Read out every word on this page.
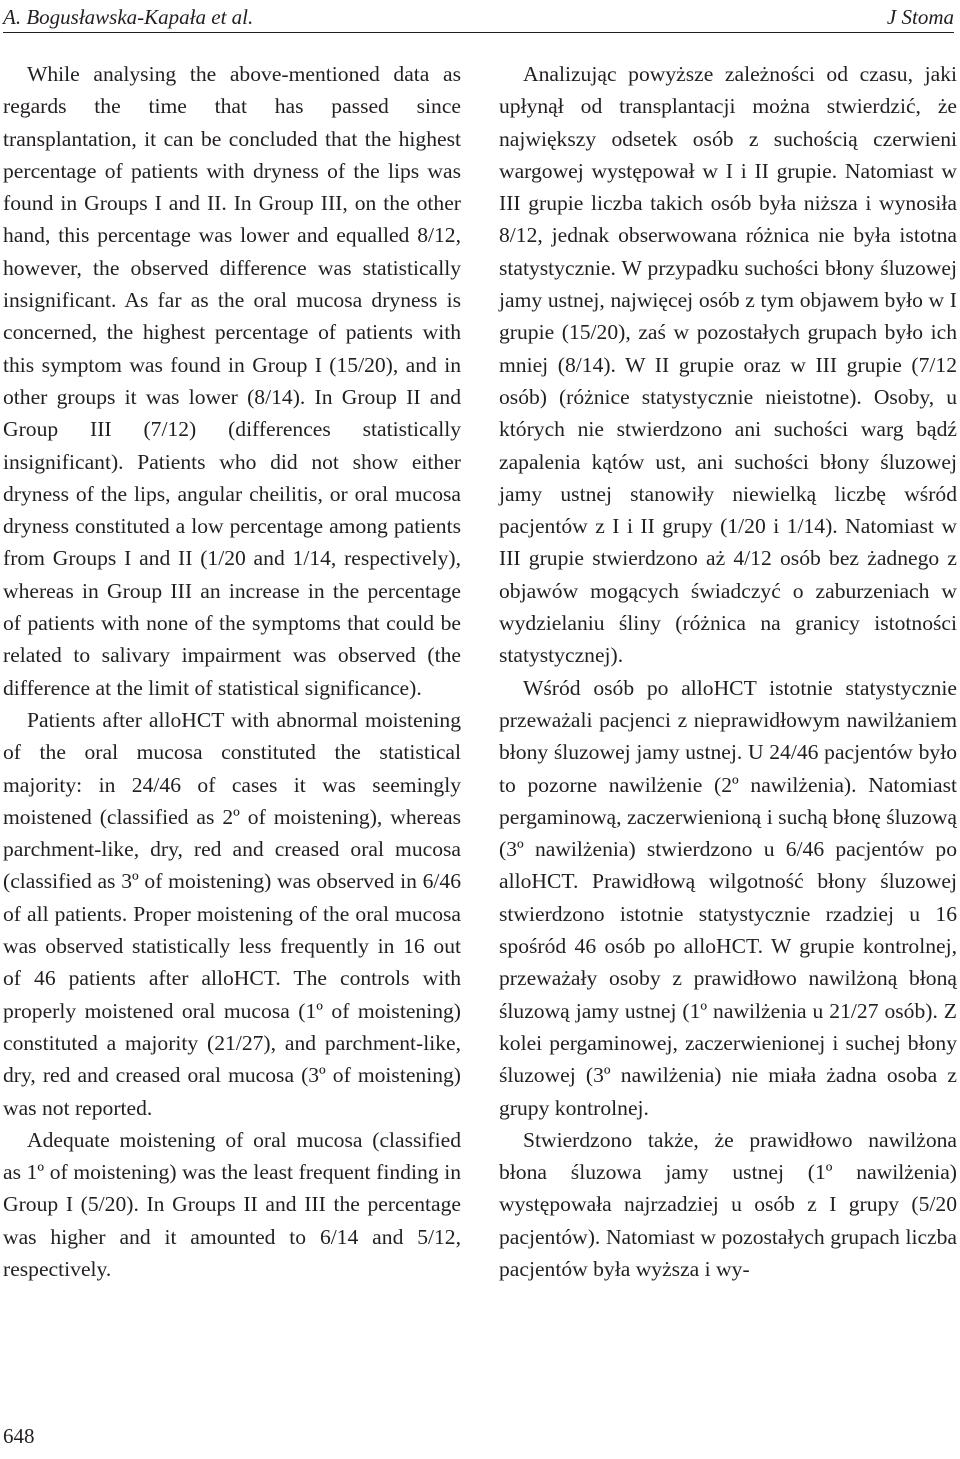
A. Bogusławska-Kapała et al.	J Stoma

While analysing the above-mentioned data as regards the time that has passed since transplantation, it can be concluded that the highest percentage of patients with dryness of the lips was found in Groups I and II. In Group III, on the other hand, this percentage was lower and equalled 8/12, however, the observed difference was statistically insignificant. As far as the oral mucosa dryness is concerned, the highest percentage of patients with this symptom was found in Group I (15/20), and in other groups it was lower (8/14). In Group II and Group III (7/12) (differences statistically insignificant). Patients who did not show either dryness of the lips, angular cheilitis, or oral mucosa dryness constituted a low percentage among patients from Groups I and II (1/20 and 1/14, respectively), whereas in Group III an increase in the percentage of patients with none of the symptoms that could be related to salivary impairment was observed (the difference at the limit of statistical significance).

Patients after alloHCT with abnormal moistening of the oral mucosa constituted the statistical majority: in 24/46 of cases it was seemingly moistened (classified as 2º of moistening), whereas parchment-like, dry, red and creased oral mucosa (classified as 3º of moistening) was observed in 6/46 of all patients. Proper moistening of the oral mucosa was observed statistically less frequently in 16 out of 46 patients after alloHCT. The controls with properly moistened oral mucosa (1º of moistening) constituted a majority (21/27), and parchment-like, dry, red and creased oral mucosa (3º of moistening) was not reported.

Adequate moistening of oral mucosa (classified as 1º of moistening) was the least frequent finding in Group I (5/20). In Groups II and III the percentage was higher and it amounted to 6/14 and 5/12, respectively.

Analizując powyższe zależności od czasu, jaki upłynął od transplantacji można stwierdzić, że największy odsetek osób z suchością czerwieni wargowej występował w I i II grupie. Natomiast w III grupie liczba takich osób była niższa i wynosiła 8/12, jednak obserwowana różnica nie była istotna statystycznie. W przypadku suchości błony śluzowej jamy ustnej, najwięcej osób z tym objawem było w I grupie (15/20), zaś w pozostałych grupach było ich mniej (8/14). W II grupie oraz w III grupie (7/12 osób) (różnice statystycznie nieistotne). Osoby, u których nie stwierdzono ani suchości warg bądź zapalenia kątów ust, ani suchości błony śluzowej jamy ustnej stanowiły niewielką liczbę wśród pacjentów z I i II grupy (1/20 i 1/14). Natomiast w III grupie stwierdzono aż 4/12 osób bez żadnego z objawów mogących świadczyć o zaburzeniach w wydzielaniu śliny (różnica na granicy istotności statystycznej).

Wśród osób po alloHCT istotnie statystycznie przeważali pacjenci z nieprawidłowym nawilżaniem błony śluzowej jamy ustnej. U 24/46 pacjentów było to pozorne nawilżenie (2º nawilżenia). Natomiast pergaminową, zaczerwienioną i suchą błonę śluzową (3º nawilżenia) stwierdzono u 6/46 pacjentów po alloHCT. Prawidłową wilgotność błony śluzowej stwierdzono istotnie statystycznie rzadziej u 16 spośród 46 osób po alloHCT. W grupie kontrolnej, przeważały osoby z prawidłowo nawilżoną błoną śluzową jamy ustnej (1º nawilżenia u 21/27 osób). Z kolei pergaminowej, zaczerwienionej i suchej błony śluzowej (3º nawilżenia) nie miała żadna osoba z grupy kontrolnej.

Stwierdzono także, że prawidłowo nawilżona błona śluzowa jamy ustnej (1º nawilżenia) występowała najrzadziej u osób z I grupy (5/20 pacjentów). Natomiast w pozostałych grupach liczba pacjentów była wyższa i wy-

648
